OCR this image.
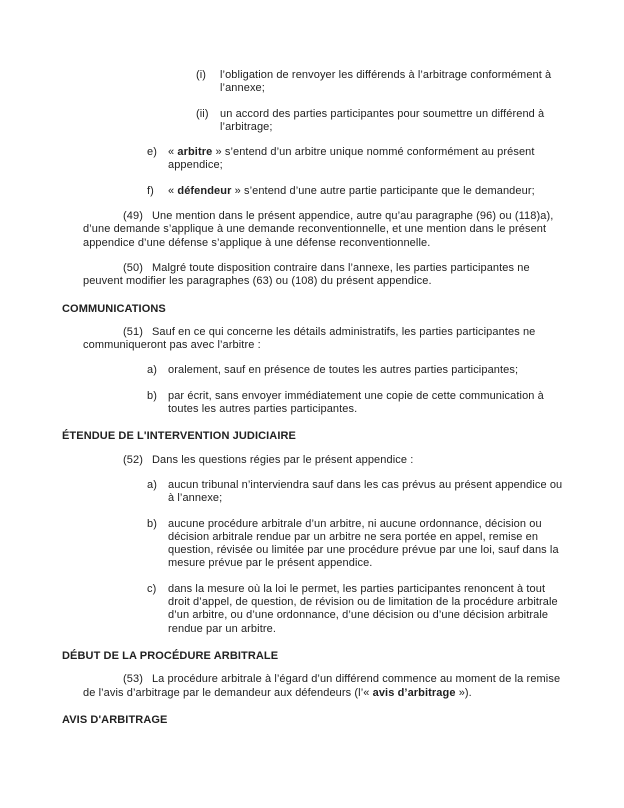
(i) l’obligation de renvoyer les différends à l’arbitrage conformément à l’annexe;
(ii) un accord des parties participantes pour soumettre un différend à l’arbitrage;
e) « arbitre » s’entend d’un arbitre unique nommé conformément au présent appendice;
f) « défendeur » s’entend d’une autre partie participante que le demandeur;

(49) Une mention dans le présent appendice, autre qu’au paragraphe (96) ou (118)a), d’une demande s’applique à une demande reconventionnelle, et une mention dans le présent appendice d’une défense s’applique à une défense reconventionnelle.

(50) Malgré toute disposition contraire dans l’annexe, les parties participantes ne peuvent modifier les paragraphes (63) ou (108) du présent appendice.

COMMUNICATIONS

(51) Sauf en ce qui concerne les détails administratifs, les parties participantes ne communiqueront pas avec l’arbitre :

a) oralement, sauf en présence de toutes les autres parties participantes;
b) par écrit, sans envoyer immédiatement une copie de cette communication à toutes les autres parties participantes.
ÉTENDUE DE L'INTERVENTION JUDICIAIRE

(52) Dans les questions régies par le présent appendice :

a) aucun tribunal n’interviendra sauf dans les cas prévus au présent appendice ou à l’annexe;
b) aucune procédure arbitrale d’un arbitre, ni aucune ordonnance, décision ou décision arbitrale rendue par un arbitre ne sera portée en appel, remise en question, révisée ou limitée par une procédure prévue par une loi, sauf dans la mesure prévue par le présent appendice.
c) dans la mesure où la loi le permet, les parties participantes renoncent à tout droit d’appel, de question, de révision ou de limitation de la procédure arbitrale d’un arbitre, ou d’une ordonnance, d’une décision ou d’une décision arbitrale rendue par un arbitre.
DÉBUT DE LA PROCÉDURE ARBITRALE

(53) La procédure arbitrale à l’égard d’un différend commence au moment de la remise de l’avis d’arbitrage par le demandeur aux défendeurs (l’« avis d’arbitrage »).

AVIS D'ARBITRAGE
